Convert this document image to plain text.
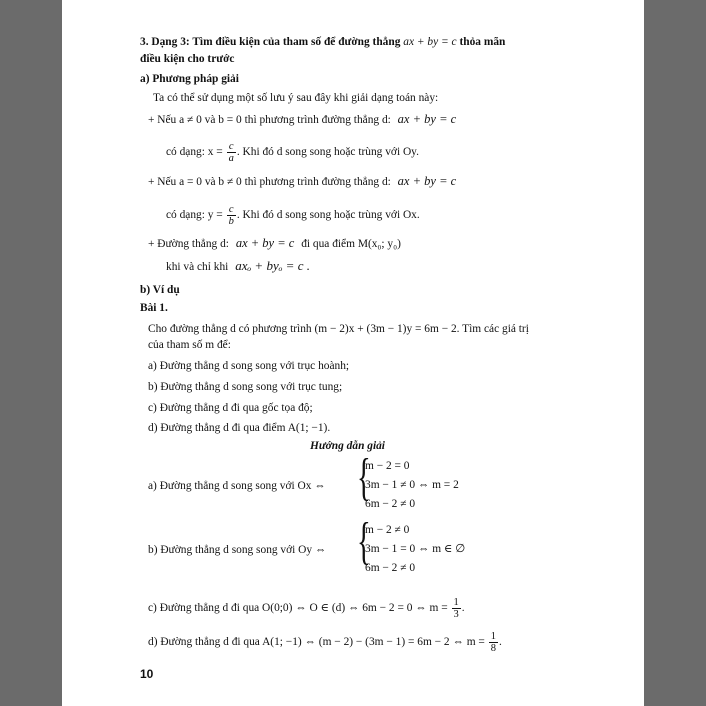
3. Dạng 3: Tìm điều kiện của tham số để đường thẳng ax + by = c thỏa mãn
điều kiện cho trước
a) Phương pháp giải
Ta có thể sử dụng một số lưu ý sau đây khi giải dạng toán này:
+ Nếu a ≠ 0 và b = 0 thì phương trình đường thẳng d: ax + by = c
có dạng: $x = \frac{c}{a}$ . Khi đó d song song hoặc trùng với Oy.
+ Nếu a = 0 và b ≠ 0 thì phương trình đường thẳng d: ax + by = c
có dạng: $y = \frac{c}{b}$ . Khi đó d song song hoặc trùng với Ox.
+ Đường thẳng d: ax + by = c đi qua điểm M(x₀; y₀)
khi và chỉ khi axₒ + byₒ = c .
b) Ví dụ
Bài 1.
Cho đường thẳng d có phương trình (m − 2)x + (3m − 1)y = 6m − 2. Tìm các giá trị
của tham số m để:
a) Đường thẳng d song song với trục hoành;
b) Đường thẳng d song song với trục tung;
c) Đường thẳng d đi qua gốc tọa độ;
d) Đường thẳng d đi qua điểm A(1; −1).
Hướng dẫn giải
a) Đường thẳng d song song với Ox ⇔ {
m − 2 = 0
3m − 1 ≠ 0 ⇔ m = 2
6m − 2 ≠ 0
b) Đường thẳng d song song với Oy ⇔ {
m − 2 ≠ 0
3m − 1 = 0 ⇔ m ∈ ∅
6m − 2 ≠ 0
c) Đường thẳng d đi qua O(0;0) ⇔ O ∈ (d) ⇔ 6m − 2 = 0 ⇔ $m = \frac{1}{3}$ .
d) Đường thẳng d đi qua A(1; −1) ⇔ (m − 2) − (3m − 1) = 6m − 2 ⇔ $m = \frac{1}{8}$ .
10
